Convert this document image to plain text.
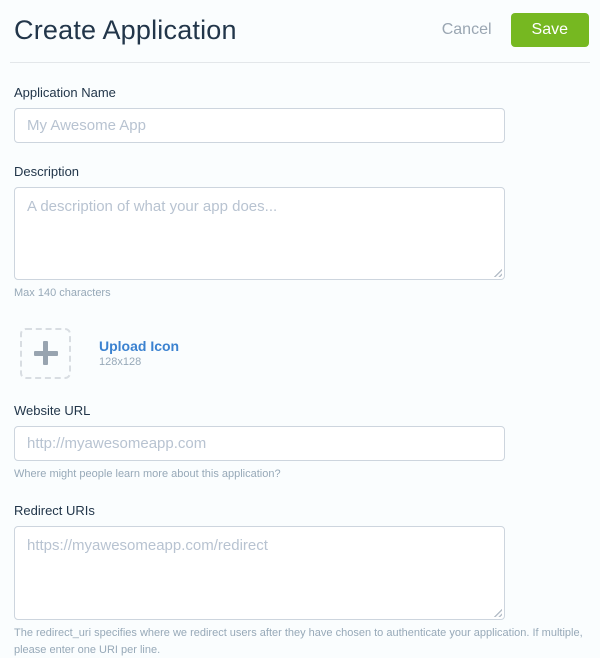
Create Application	Cancel	Save
Application Name
My Awesome App
Description
A description of what your app does...
Max 140 characters
Upload Icon
128x128
Website URL
http://myawesomeapp.com
Where might people learn more about this application?
Redirect URIs
https://myawesomeapp.com/redirect
The redirect_uri specifies where we redirect users after they have chosen to authenticate your application. If multiple, please enter one URI per line.
